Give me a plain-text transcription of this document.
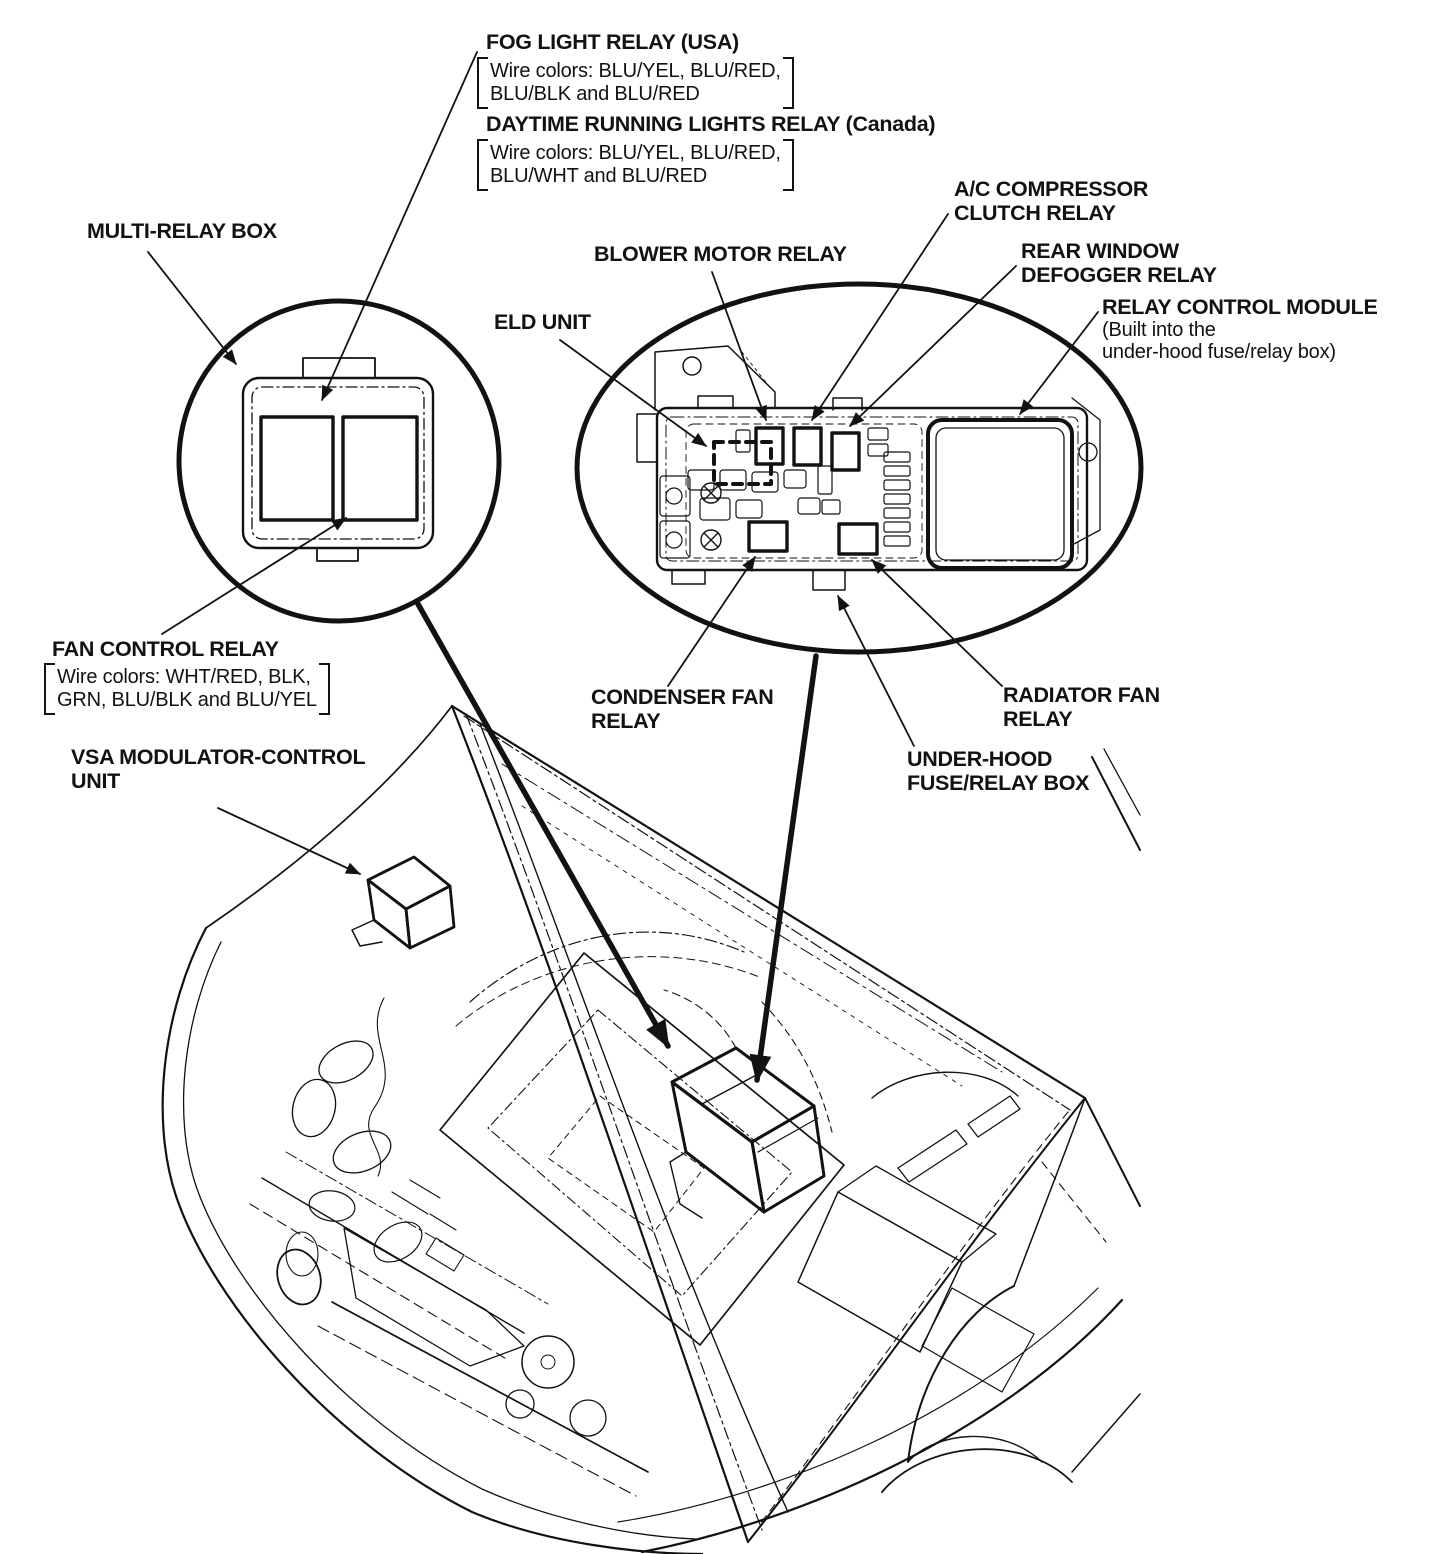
FOG LIGHT RELAY (USA)
Wire colors: BLU/YEL, BLU/RED,
BLU/BLK and BLU/RED
DAYTIME RUNNING LIGHTS RELAY (Canada)
Wire colors: BLU/YEL, BLU/RED,
BLU/WHT and BLU/RED
MULTI-RELAY BOX
BLOWER MOTOR RELAY
ELD UNIT
A/C COMPRESSOR
CLUTCH RELAY
REAR WINDOW
DEFOGGER RELAY
RELAY CONTROL MODULE
(Built into the
under-hood fuse/relay box)
FAN CONTROL RELAY
Wire colors: WHT/RED, BLK,
GRN, BLU/BLK and BLU/YEL
VSA MODULATOR-CONTROL
UNIT
CONDENSER FAN
RELAY
RADIATOR FAN
RELAY
UNDER-HOOD
FUSE/RELAY BOX
